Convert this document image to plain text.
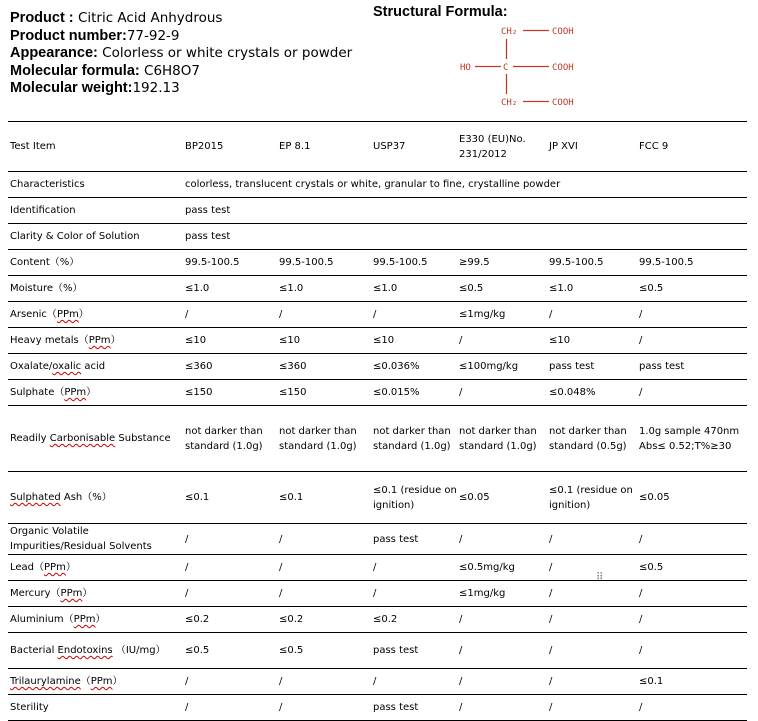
Product : Citric Acid Anhydrous
Product number:77-92-9
Appearance: Colorless or white crystals or powder
Molecular formula: C6H8O7
Molecular weight:192.13
Structural Formula:
CH₂	COOH
HO	C	COOH
CH₂	COOH
Test Item	BP2015	EP 8.1	USP37	E330 (EU)No. 231/2012	JP XVI	FCC 9
Characteristics	colorless, translucent crystals or white, granular to fine, crystalline powder					
Identification	pass test					
Clarity & Color of Solution	pass test					
Content（%）	99.5-100.5	99.5-100.5	99.5-100.5	≥99.5	99.5-100.5	99.5-100.5
Moisture（%）	≤1.0	≤1.0	≤1.0	≤0.5	≤1.0	≤0.5
Arsenic（PPm）	/	/	/	≤1mg/kg	/	/
Heavy metals（PPm）	≤10	≤10	≤10	/	≤10	/
Oxalate/oxalic acid	≤360	≤360	≤0.036%	≤100mg/kg	pass test	pass test
Sulphate（PPm）	≤150	≤150	≤0.015%	/	≤0.048%	/
Readily Carbonisable Substance	not darker than standard (1.0g)	not darker than standard (1.0g)	not darker than standard (1.0g)	not darker than standard (1.0g)	not darker than standard (0.5g)	1.0g sample 470nm Abs≤ 0.52;T%≥30
Sulphated Ash（%）	≤0.1	≤0.1	≤0.1 (residue on ignition)	≤0.05	≤0.1 (residue on ignition)	≤0.05
Organic Volatile Impurities/Residual Solvents	/	/	pass test	/	/	/
Lead（PPm）	/	/	/	≤0.5mg/kg	/	≤0.5
Mercury（PPm）	/	/	/	≤1mg/kg	/	/
Aluminium（PPm）	≤0.2	≤0.2	≤0.2	/	/	/
Bacterial Endotoxins （IU/mg）	≤0.5	≤0.5	pass test	/	/	/
Trilaurylamine（PPm）	/	/	/	/	/	≤0.1
Sterility	/	/	pass test	/	/	/
⠿
